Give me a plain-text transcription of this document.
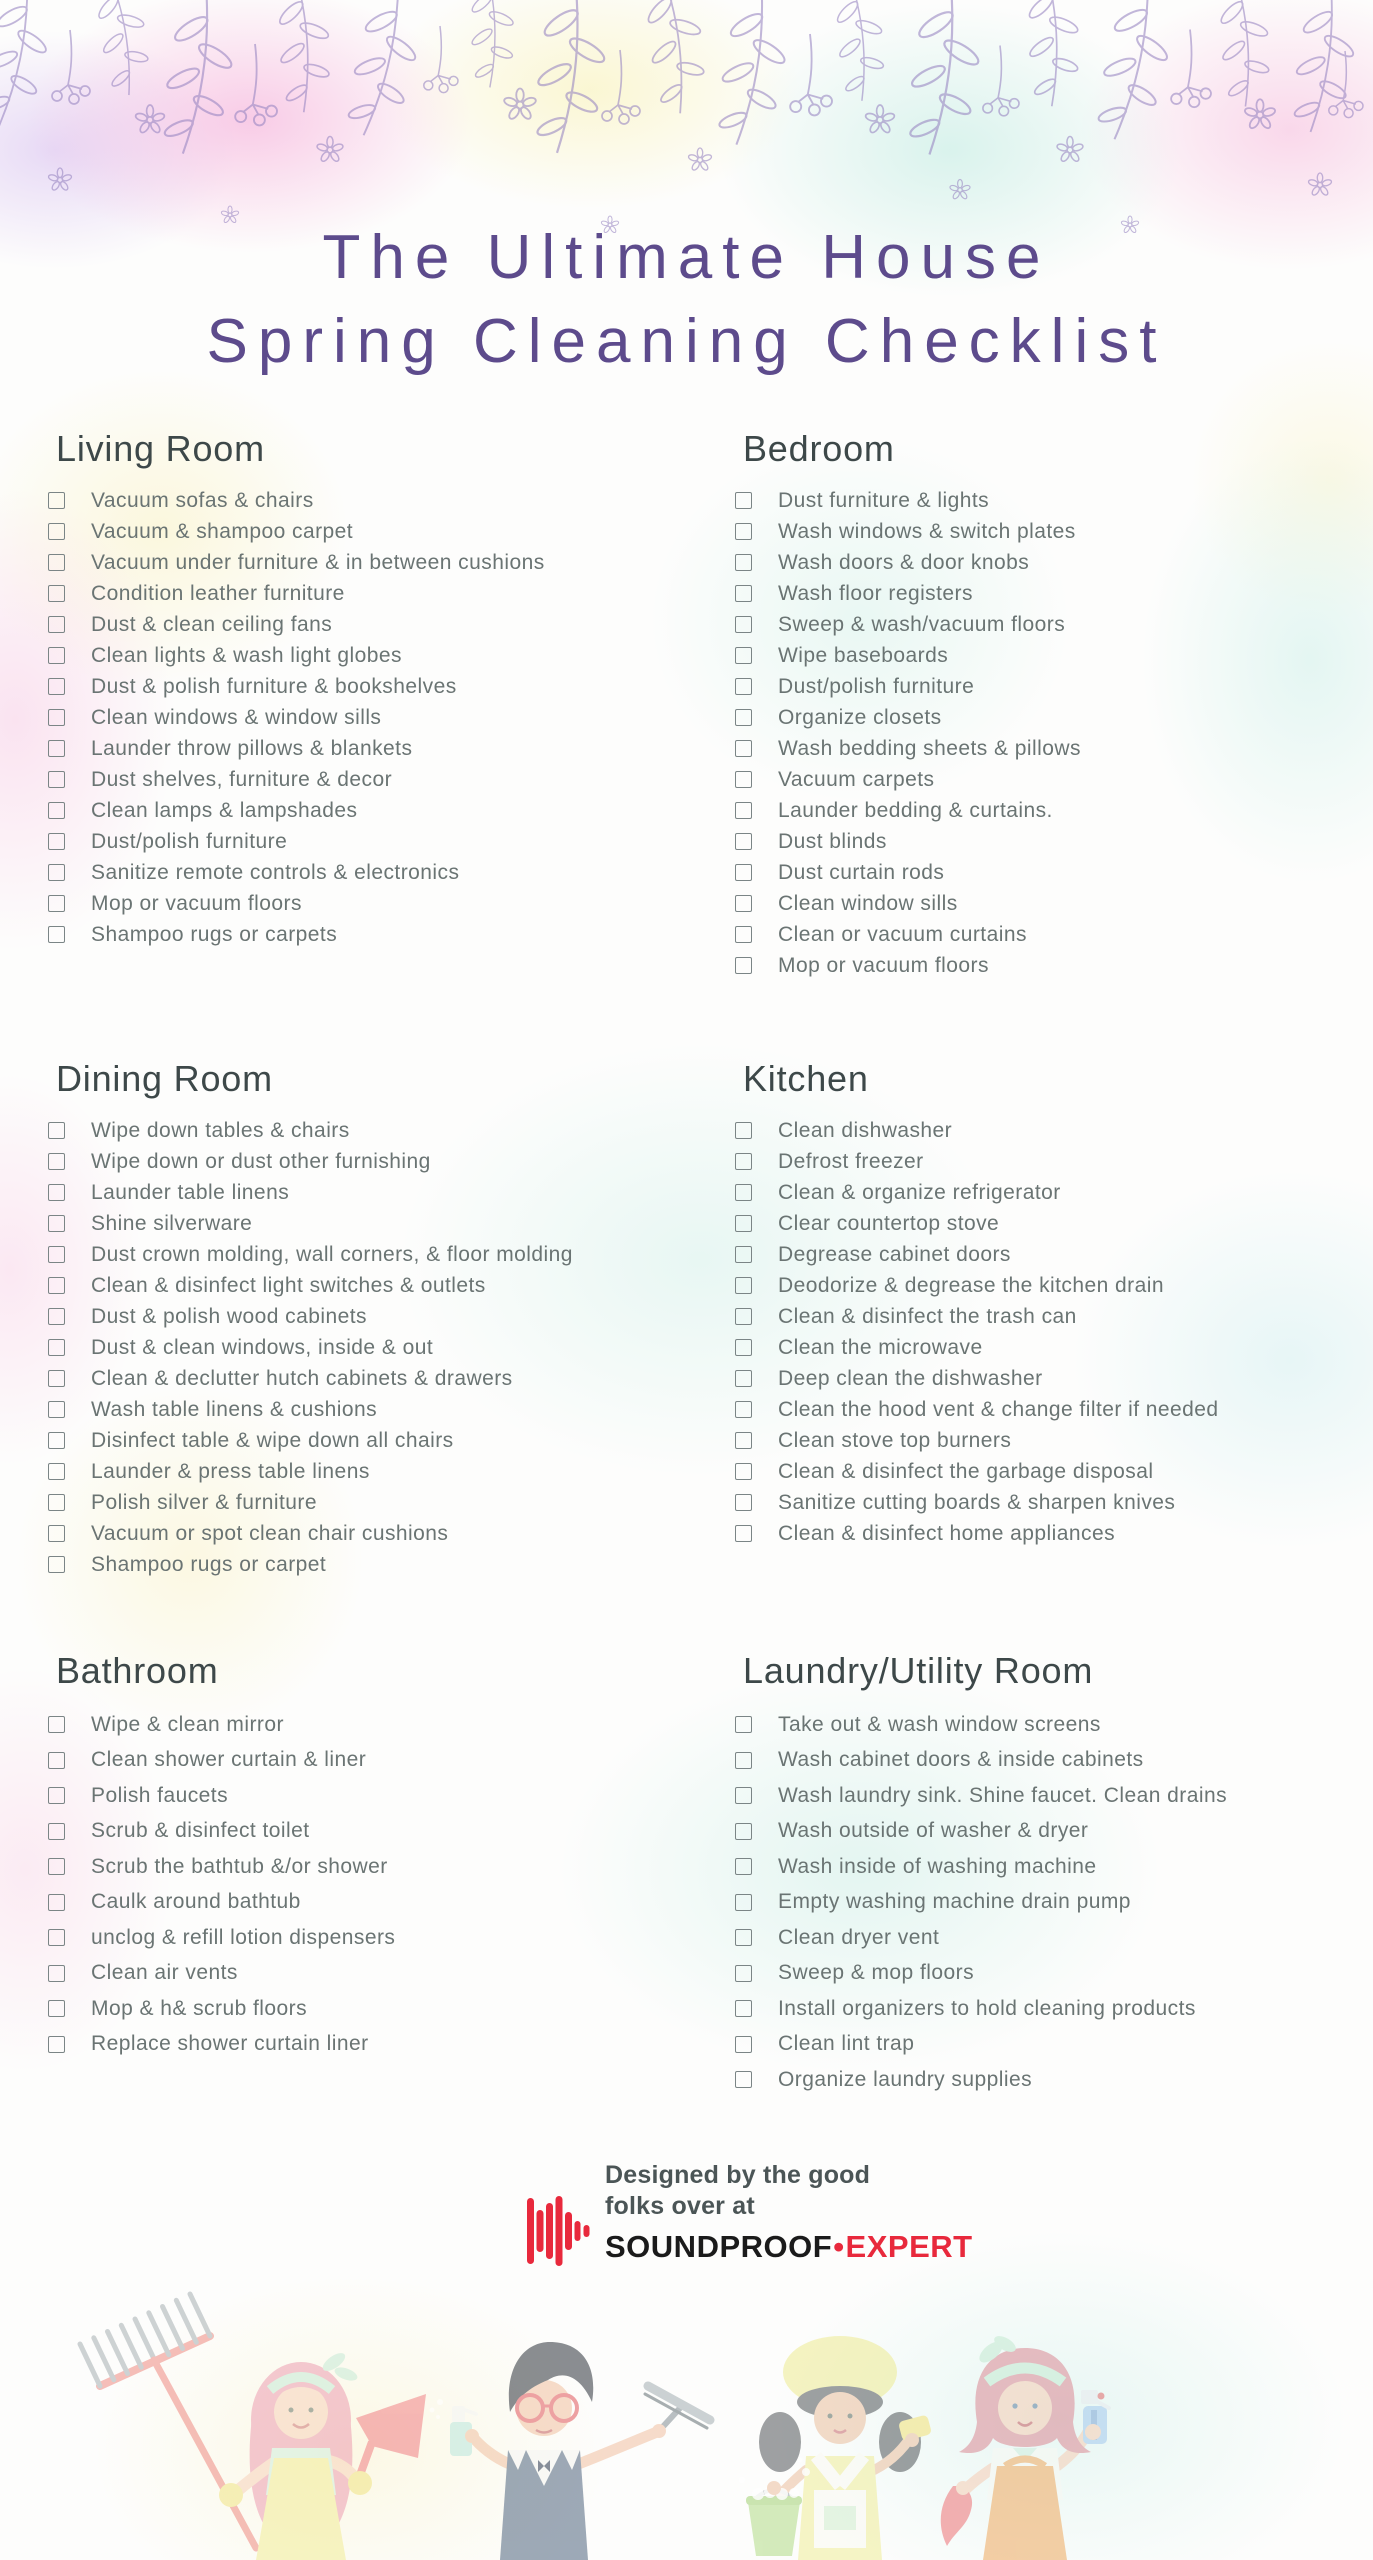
The Ultimate House
Spring Cleaning Checklist
Living Room
Vacuum sofas & chairs
Vacuum & shampoo carpet
Vacuum under furniture & in between cushions
Condition leather furniture
Dust & clean ceiling fans
Clean lights & wash light globes
Dust & polish furniture & bookshelves
Clean windows & window sills
Launder throw pillows & blankets
Dust shelves, furniture & decor
Clean lamps & lampshades
Dust/polish furniture
Sanitize remote controls & electronics
Mop or vacuum floors
Shampoo rugs or carpets
Bedroom
Dust furniture & lights
Wash windows & switch plates
Wash doors & door knobs
Wash floor registers
Sweep & wash/vacuum floors
Wipe baseboards
Dust/polish furniture
Organize closets
Wash bedding sheets & pillows
Vacuum carpets
Launder bedding & curtains.
Dust blinds
Dust curtain rods
Clean window sills
Clean or vacuum curtains
Mop or vacuum floors
Dining Room
Wipe down tables & chairs
Wipe down or dust other furnishing
Launder table linens
Shine silverware
Dust crown molding, wall corners, & floor molding
Clean & disinfect light switches & outlets
Dust & polish wood cabinets
Dust & clean windows, inside & out
Clean & declutter hutch cabinets & drawers
Wash table linens & cushions
Disinfect table & wipe down all chairs
Launder & press table linens
Polish silver & furniture
Vacuum or spot clean chair cushions
Shampoo rugs or carpet
Kitchen
Clean dishwasher
Defrost freezer
Clean & organize refrigerator
Clear countertop stove
Degrease cabinet doors
Deodorize & degrease the kitchen drain
Clean & disinfect the trash can
Clean the microwave
Deep clean the dishwasher
Clean the hood vent & change filter if needed
Clean stove top burners
Clean & disinfect the garbage disposal
Sanitize cutting boards & sharpen knives
Clean & disinfect home appliances
Bathroom
Wipe & clean mirror
Clean shower curtain & liner
Polish faucets
Scrub & disinfect toilet
Scrub the bathtub &/or shower
Caulk around bathtub
unclog & refill lotion dispensers
Clean air vents
Mop & h& scrub floors
Replace shower curtain liner
Laundry/Utility Room
Take out & wash window screens
Wash cabinet doors & inside cabinets
Wash laundry sink. Shine faucet. Clean drains
Wash outside of washer & dryer
Wash inside of washing machine
Empty washing machine drain pump
Clean dryer vent
Sweep & mop floors
Install organizers to hold cleaning products
Clean lint trap
Organize laundry supplies
Designed by the good
folks over at
SOUNDPROOF•EXPERT
